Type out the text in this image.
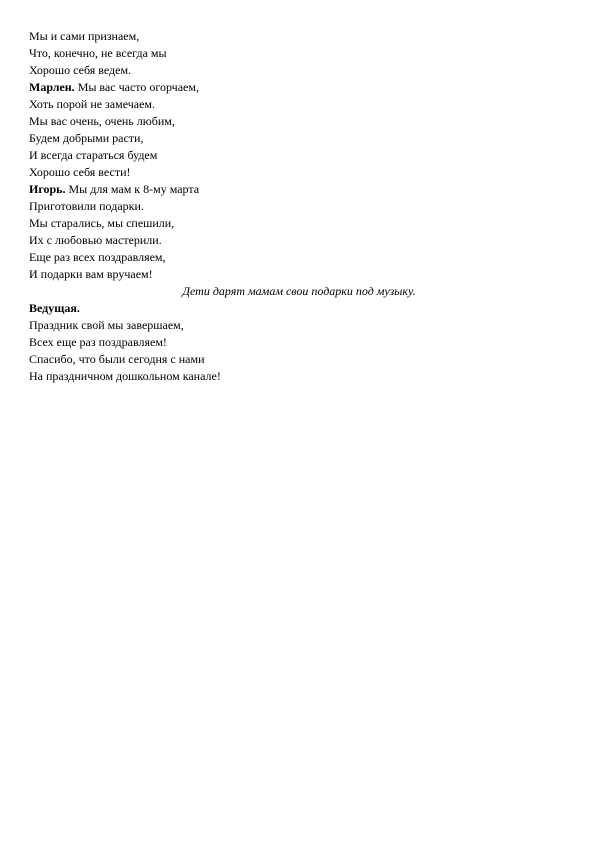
Мы и сами признаем,
Что, конечно, не всегда мы
Хорошо себя ведем.
Марлен. Мы вас часто огорчаем,
Хоть порой не замечаем.
Мы вас очень, очень любим,
Будем добрыми расти,
И всегда стараться будем
Хорошо себя вести!
Игорь. Мы для мам к 8-му марта
Приготовили подарки.
Мы старались, мы спешили,
Их с любовью мастерили.
Еще раз всех поздравляем,
И подарки вам вручаем!
Дети дарят мамам свои подарки под музыку.
Ведущая.
Праздник свой мы завершаем,
Всех еще раз поздравляем!
Спасибо, что были сегодня с нами
На праздничном дошкольном канале!
